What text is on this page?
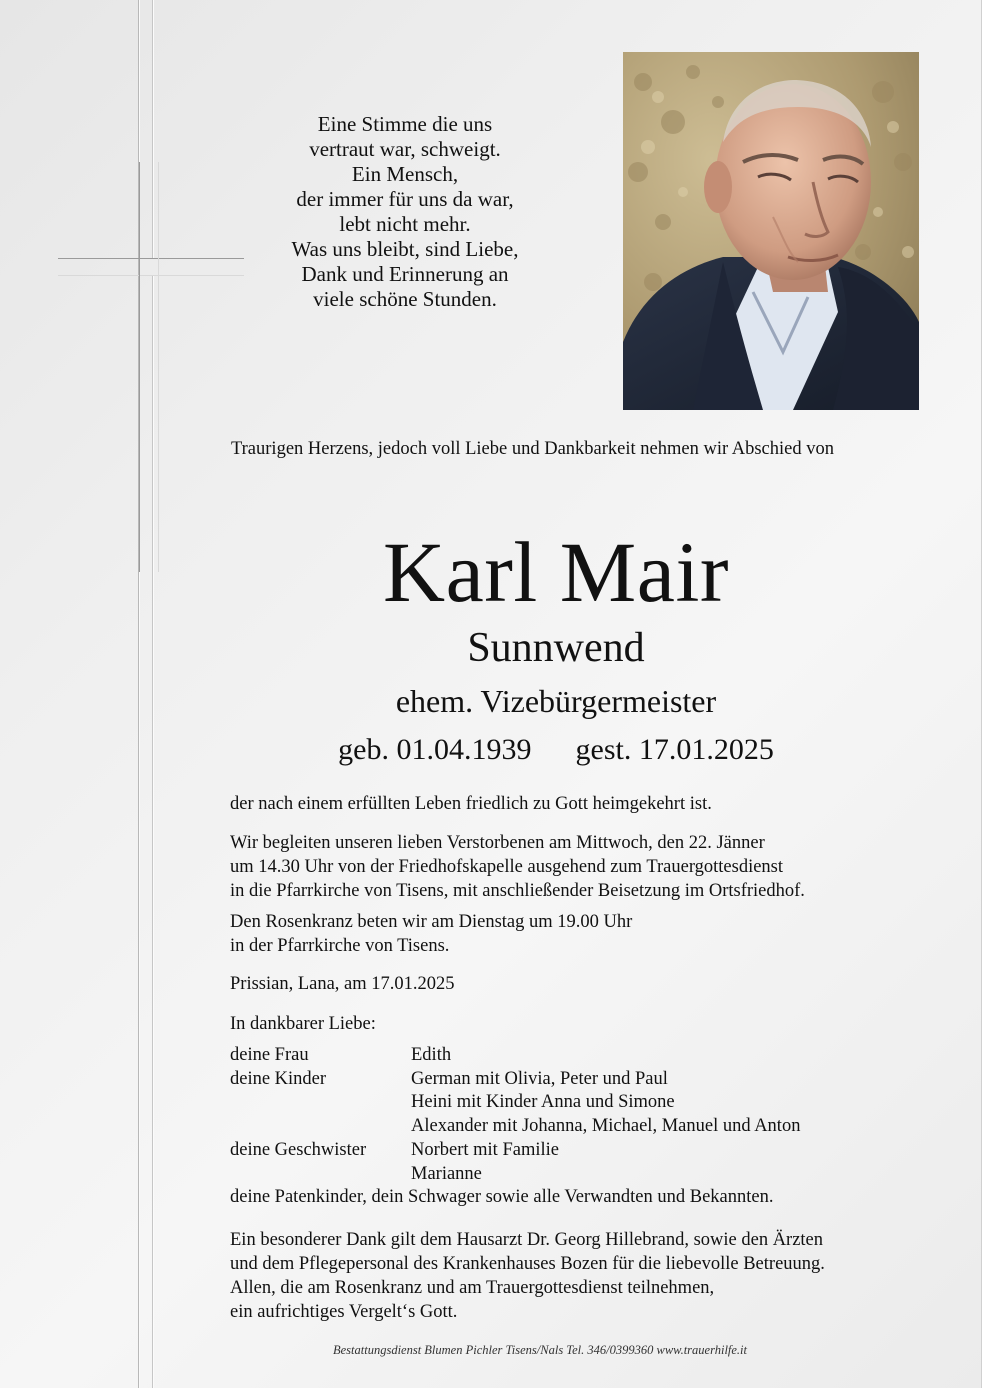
Eine Stimme die uns
vertraut war, schweigt.
Ein Mensch,
der immer für uns da war,
lebt nicht mehr.
Was uns bleibt, sind Liebe,
Dank und Erinnerung an
viele schöne Stunden.
Traurigen Herzens, jedoch voll Liebe und Dankbarkeit nehmen wir Abschied von
Karl Mair
Sunnwend
ehem. Vizebürgermeister
geb. 01.04.1939 gest. 17.01.2025
der nach einem erfüllten Leben friedlich zu Gott heimgekehrt ist.
Wir begleiten unseren lieben Verstorbenen am Mittwoch, den 22. Jänner
um 14.30 Uhr von der Friedhofskapelle ausgehend zum Trauergottesdienst
in die Pfarrkirche von Tisens, mit anschließender Beisetzung im Ortsfriedhof.
Den Rosenkranz beten wir am Dienstag um 19.00 Uhr
in der Pfarrkirche von Tisens.
Prissian, Lana, am 17.01.2025
In dankbarer Liebe:
deine Frau	Edith
deine Kinder	German mit Olivia, Peter und Paul
Heini mit Kinder Anna und Simone
Alexander mit Johanna, Michael, Manuel und Anton
deine Geschwister	Norbert mit Familie
Marianne
deine Patenkinder, dein Schwager sowie alle Verwandten und Bekannten.
Ein besonderer Dank gilt dem Hausarzt Dr. Georg Hillebrand, sowie den Ärzten
und dem Pflegepersonal des Krankenhauses Bozen für die liebevolle Betreuung.
Allen, die am Rosenkranz und am Trauergottesdienst teilnehmen,
ein aufrichtiges Vergelt‘s Gott.
Bestattungsdienst Blumen Pichler Tisens/Nals Tel. 346/0399360 www.trauerhilfe.it
